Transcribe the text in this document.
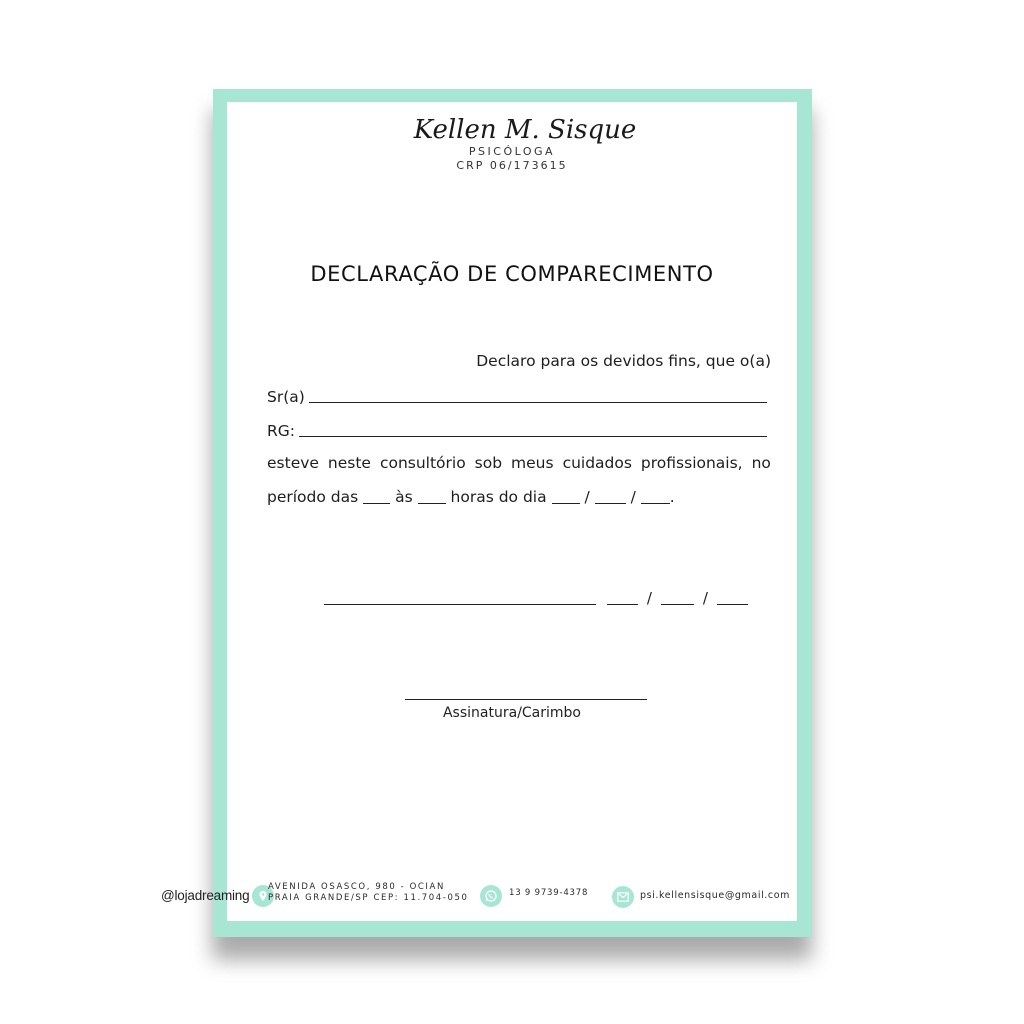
Kellen M. Sisque
PSICÓLOGA
CRP 06/173615
DECLARAÇÃO DE COMPARECIMENTO
Declaro para os devidos fins, que o(a)
Sr(a)
RG:
esteve neste consultório sob meus cuidados profissionais, no
período das às horas do dia /	/ .
/	/
Assinatura/Carimbo
AVENIDA OSASCO, 980 - OCIAN
PRAIA GRANDE/SP CEP: 11.704-050	13 9 9739-4378	psi.kellensisque@gmail.com
@lojadreaming
